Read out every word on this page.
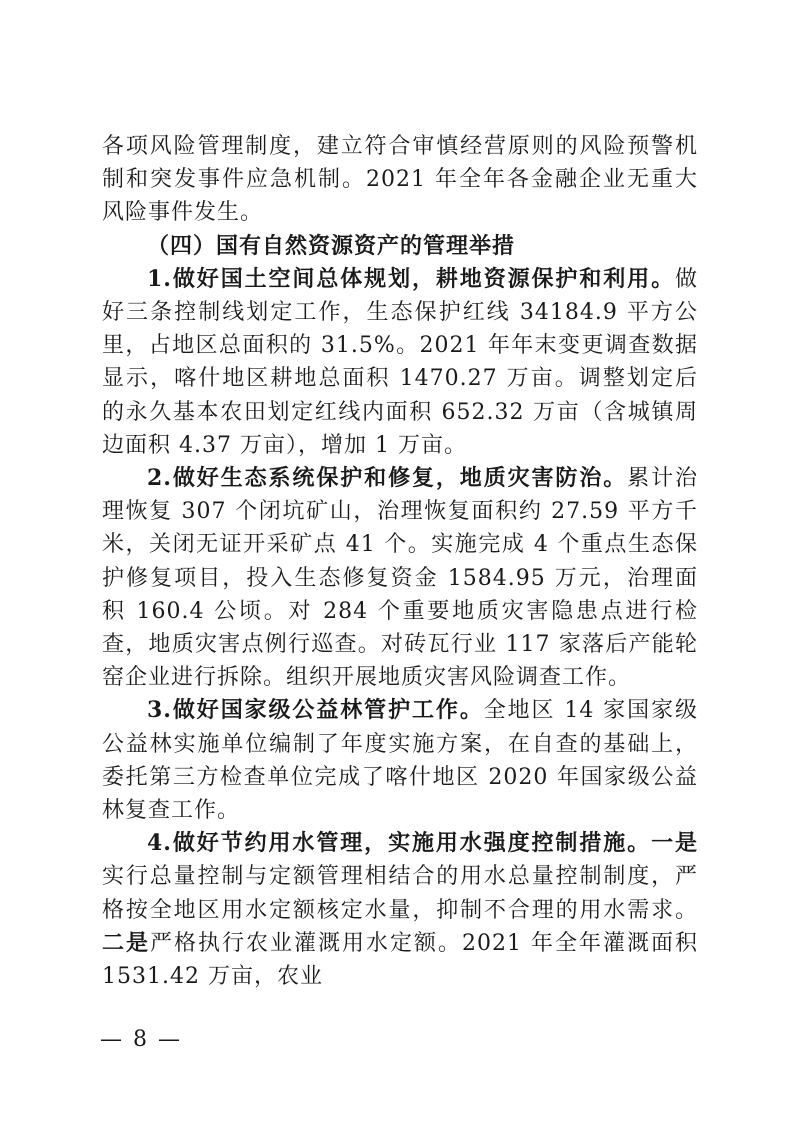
各项风险管理制度，建立符合审慎经营原则的风险预警机制和突发事件应急机制。2021 年全年各金融企业无重大风险事件发生。

（四）国有自然资源资产的管理举措

1.做好国土空间总体规划，耕地资源保护和利用。做好三条控制线划定工作，生态保护红线 34184.9 平方公里，占地区总面积的 31.5%。2021 年年末变更调查数据显示，喀什地区耕地总面积 1470.27 万亩。调整划定后的永久基本农田划定红线内面积 652.32 万亩（含城镇周边面积 4.37 万亩），增加 1 万亩。

2.做好生态系统保护和修复，地质灾害防治。累计治理恢复 307 个闭坑矿山，治理恢复面积约 27.59 平方千米，关闭无证开采矿点 41 个。实施完成 4 个重点生态保护修复项目，投入生态修复资金 1584.95 万元，治理面积 160.4 公顷。对 284 个重要地质灾害隐患点进行检查，地质灾害点例行巡查。对砖瓦行业 117 家落后产能轮窑企业进行拆除。组织开展地质灾害风险调查工作。

3.做好国家级公益林管护工作。全地区 14 家国家级公益林实施单位编制了年度实施方案，在自查的基础上，委托第三方检查单位完成了喀什地区 2020 年国家级公益林复查工作。

4.做好节约用水管理，实施用水强度控制措施。一是实行总量控制与定额管理相结合的用水总量控制制度，严格按全地区用水定额核定水量，抑制不合理的用水需求。二是严格执行农业灌溉用水定额。2021 年全年灌溉面积 1531.42 万亩，农业

— 8 —
